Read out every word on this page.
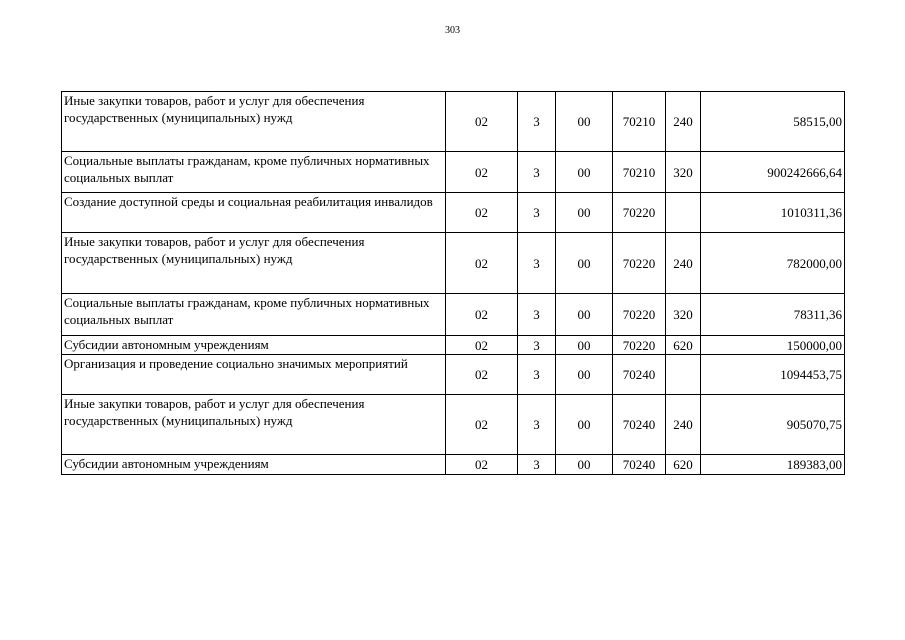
303
Иные закупки товаров, работ и услуг для обеспечения государственных (муниципальных) нужд	02	3	00	70210	240	58515,00
Социальные выплаты гражданам, кроме публичных нормативных социальных выплат	02	3	00	70210	320	900242666,64
Создание доступной среды и социальная реабилитация инвалидов	02	3	00	70220		1010311,36
Иные закупки товаров, работ и услуг для обеспечения государственных (муниципальных) нужд	02	3	00	70220	240	782000,00
Социальные выплаты гражданам, кроме публичных нормативных социальных выплат	02	3	00	70220	320	78311,36
Субсидии автономным учреждениям	02	3	00	70220	620	150000,00
Организация и проведение социально значимых мероприятий	02	3	00	70240		1094453,75
Иные закупки товаров, работ и услуг для обеспечения государственных (муниципальных) нужд	02	3	00	70240	240	905070,75
Субсидии автономным учреждениям	02	3	00	70240	620	189383,00
